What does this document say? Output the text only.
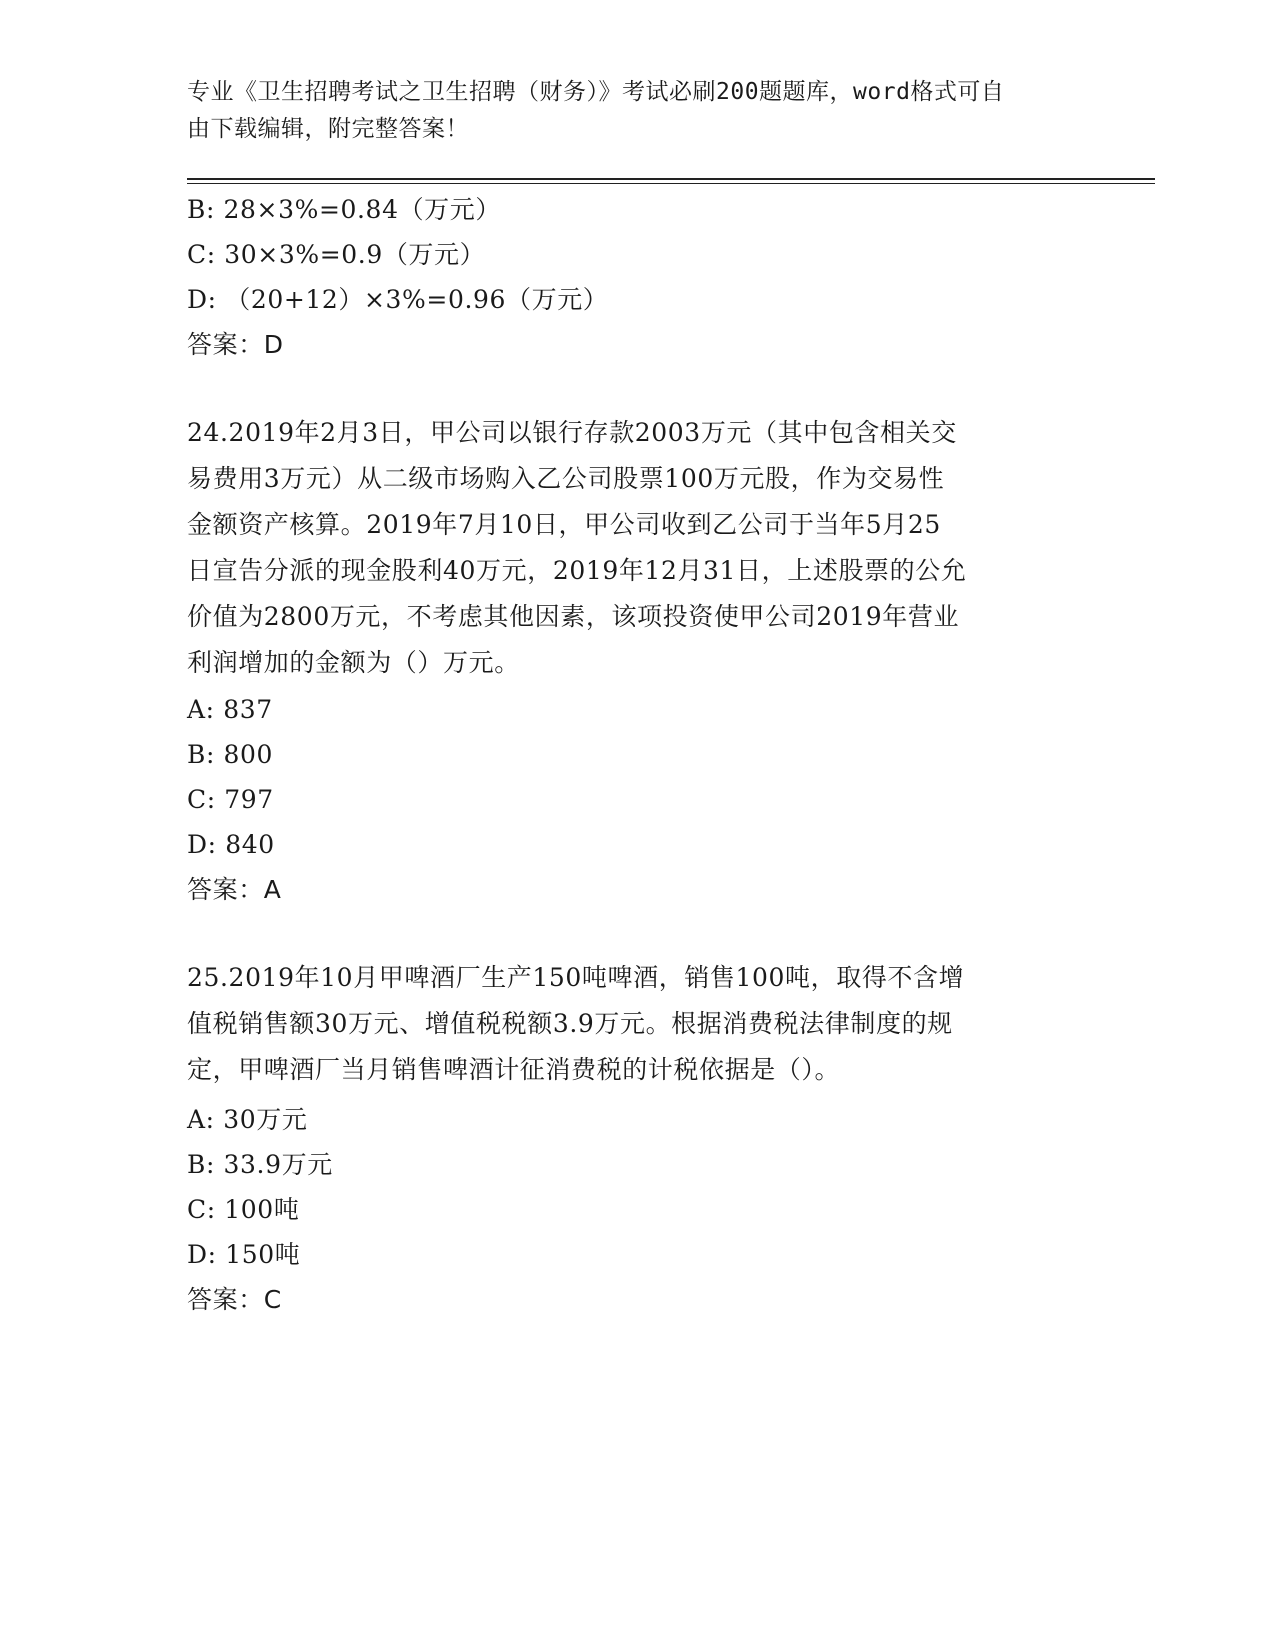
专业《卫生招聘考试之卫生招聘（财务）》考试必刷200题题库，word格式可自
由下载编辑，附完整答案！
B: 28×3%=0.84（万元）
C: 30×3%=0.9（万元）
D: （20+12）×3%=0.96（万元）
答案：D
24.2019年2月3日，甲公司以银行存款2003万元（其中包含相关交
易费用3万元）从二级市场购入乙公司股票100万元股，作为交易性
金额资产核算。2019年7月10日，甲公司收到乙公司于当年5月25
日宣告分派的现金股利40万元，2019年12月31日，上述股票的公允
价值为2800万元，不考虑其他因素，该项投资使甲公司2019年营业
利润增加的金额为（）万元。
A: 837
B: 800
C: 797
D: 840
答案：A
25.2019年10月甲啤酒厂生产150吨啤酒，销售100吨，取得不含增
值税销售额30万元、增值税税额3.9万元。根据消费税法律制度的规
定，甲啤酒厂当月销售啤酒计征消费税的计税依据是（）。
A: 30万元
B: 33.9万元
C: 100吨
D: 150吨
答案：C
